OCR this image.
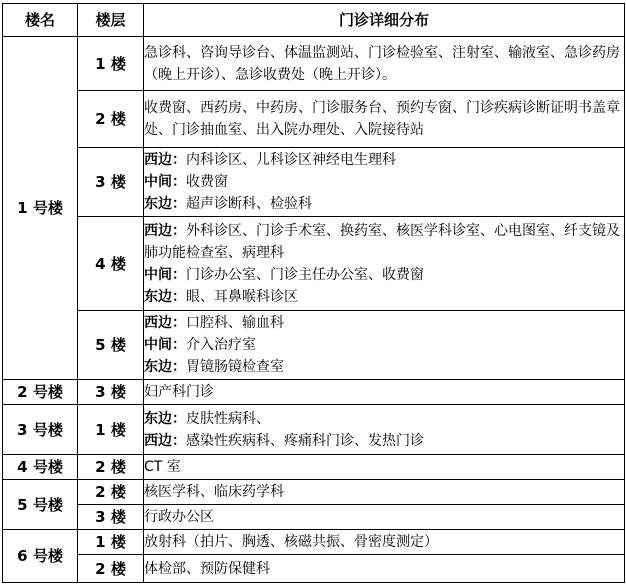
楼名	楼层	门诊详细分布
1 号楼	1 楼	急诊科、咨询导诊台、体温监测站、门诊检验室、注射室、输液室、急诊药房（晚上开诊）、急诊收费处（晚上开诊）。
	2 楼	收费窗、西药房、中药房、门诊服务台、预约专窗、门诊疾病诊断证明书盖章处、门诊抽血室、出入院办理处、入院接待站
	3 楼	西边：内科诊区、儿科诊区神经电生理科
中间：收费窗
东边：超声诊断科、检验科

	4 楼	西边：外科诊区、门诊手术室、换药室、核医学科诊室、心电图室、纤支镜及肺功能检查室、病理科
中间：门诊办公室、门诊主任办公室、收费窗
东边：眼、耳鼻喉科诊区

	5 楼	西边：口腔科、输血科
中间：介入治疗室
东边：胃镜肠镜检查室

2 号楼	3 楼	妇产科门诊

3 号楼	1 楼	东边：皮肤性病科、
西边：感染性疾病科、疼痛科门诊、发热门诊

4 号楼	2 楼	CT 室

5 号楼	2 楼	核医学科、临床药学科

	3 楼	行政办公区

6 号楼	1 楼	放射科（拍片、胸透、核磁共振、骨密度测定）

	2 楼	体检部、预防保健科
